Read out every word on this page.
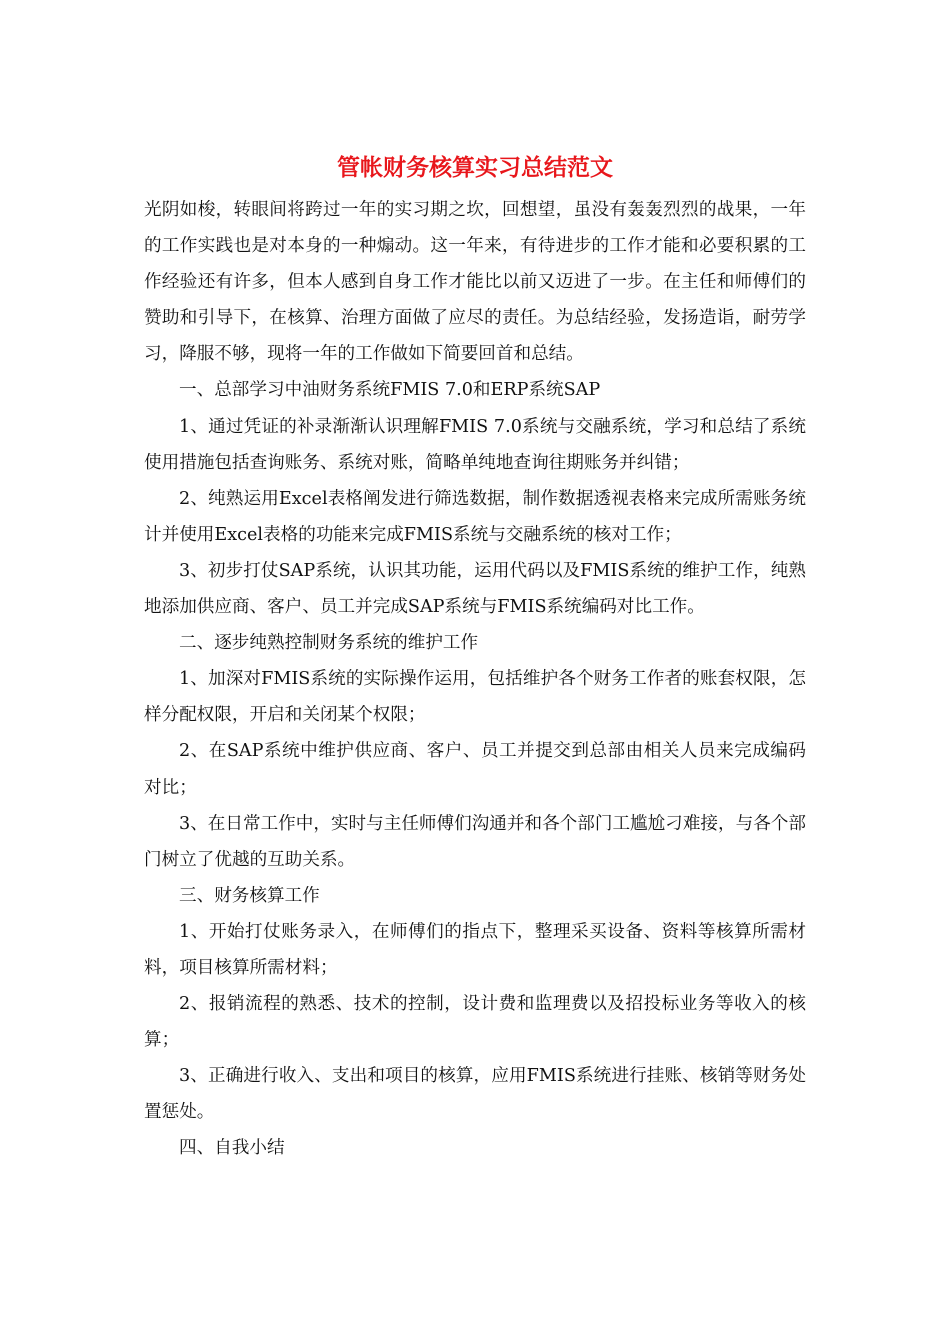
管帐财务核算实习总结范文

光阴如梭，转眼间将跨过一年的实习期之坎，回想望，虽没有轰轰烈烈的战果，一年的工作实践也是对本身的一种煽动。这一年来，有待进步的工作才能和必要积累的工作经验还有许多，但本人感到自身工作才能比以前又迈进了一步。在主任和师傅们的赞助和引导下，在核算、治理方面做了应尽的责任。为总结经验，发扬造诣，耐劳学习，降服不够，现将一年的工作做如下简要回首和总结。

一、总部学习中油财务系统FMIS 7.0和ERP系统SAP

1、通过凭证的补录渐渐认识理解FMIS 7.0系统与交融系统，学习和总结了系统使用措施包括查询账务、系统对账，简略单纯地查询往期账务并纠错；

2、纯熟运用Excel表格阐发进行筛选数据，制作数据透视表格来完成所需账务统计并使用Excel表格的功能来完成FMIS系统与交融系统的核对工作；

3、初步打仗SAP系统，认识其功能，运用代码以及FMIS系统的维护工作，纯熟地添加供应商、客户、员工并完成SAP系统与FMIS系统编码对比工作。

二、逐步纯熟控制财务系统的维护工作

1、加深对FMIS系统的实际操作运用，包括维护各个财务工作者的账套权限，怎样分配权限，开启和关闭某个权限；

2、在SAP系统中维护供应商、客户、员工并提交到总部由相关人员来完成编码对比；

3、在日常工作中，实时与主任师傅们沟通并和各个部门工尴尬刁难接，与各个部门树立了优越的互助关系。

三、财务核算工作

1、开始打仗账务录入，在师傅们的指点下，整理采买设备、资料等核算所需材料，项目核算所需材料；

2、报销流程的熟悉、技术的控制，设计费和监理费以及招投标业务等收入的核算；

3、正确进行收入、支出和项目的核算，应用FMIS系统进行挂账、核销等财务处置惩处。

四、自我小结
